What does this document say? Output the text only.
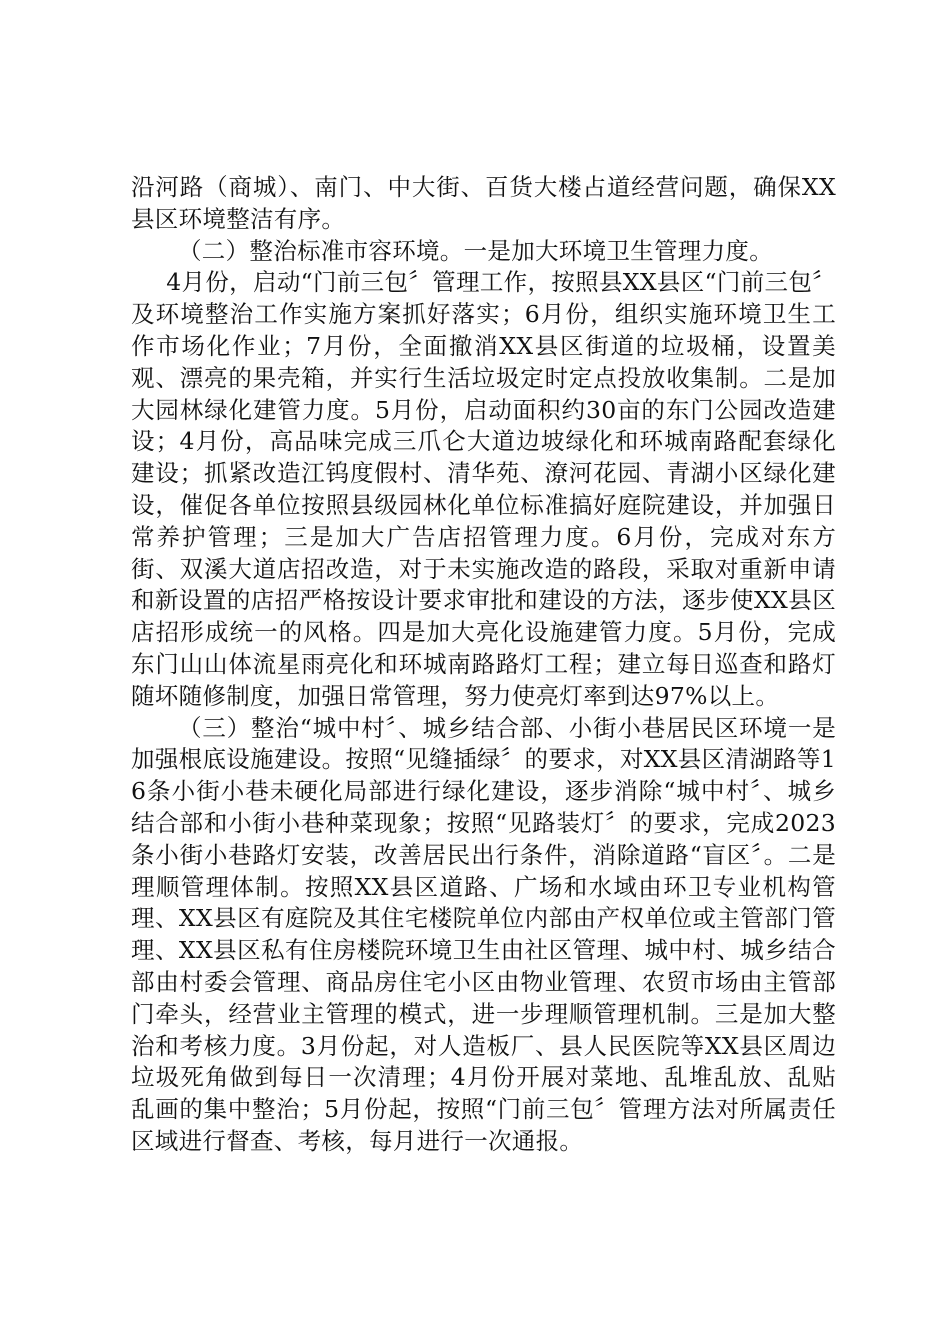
沿河路（商城）、南门、中大街、百货大楼占道经营问题，确保XX县区环境整洁有序。

（二）整治标准市容环境。一是加大环境卫生管理力度。

4月份，启动“门前三包〞管理工作，按照县XX县区“门前三包〞及环境整治工作实施方案抓好落实；6月份，组织实施环境卫生工作市场化作业；7月份，全面撤消XX县区街道的垃圾桶，设置美观、漂亮的果壳箱，并实行生活垃圾定时定点投放收集制。二是加大园林绿化建管力度。5月份，启动面积约30亩的东门公园改造建设；4月份，高品味完成三爪仑大道边坡绿化和环城南路配套绿化建设；抓紧改造江钨度假村、清华苑、潦河花园、青湖小区绿化建设，催促各单位按照县级园林化单位标准搞好庭院建设，并加强日常养护管理；三是加大广告店招管理力度。6月份，完成对东方街、双溪大道店招改造，对于未实施改造的路段，采取对重新申请和新设置的店招严格按设计要求审批和建设的方法，逐步使XX县区店招形成统一的风格。四是加大亮化设施建管力度。5月份，完成东门山山体流星雨亮化和环城南路路灯工程；建立每日巡查和路灯随坏随修制度，加强日常管理，努力使亮灯率到达97%以上。

（三）整治“城中村〞、城乡结合部、小街小巷居民区环境一是加强根底设施建设。按照“见缝插绿〞的要求，对XX县区清湖路等16条小街小巷未硬化局部进行绿化建设，逐步消除“城中村〞、城乡结合部和小街小巷种菜现象；按照“见路装灯〞的要求，完成2023条小街小巷路灯安装，改善居民出行条件，消除道路“盲区〞。二是理顺管理体制。按照XX县区道路、广场和水域由环卫专业机构管理、XX县区有庭院及其住宅楼院单位内部由产权单位或主管部门管理、XX县区私有住房楼院环境卫生由社区管理、城中村、城乡结合部由村委会管理、商品房住宅小区由物业管理、农贸市场由主管部门牵头，经营业主管理的模式，进一步理顺管理机制。三是加大整治和考核力度。3月份起，对人造板厂、县人民医院等XX县区周边垃圾死角做到每日一次清理；4月份开展对菜地、乱堆乱放、乱贴乱画的集中整治；5月份起，按照“门前三包〞管理方法对所属责任区域进行督查、考核，每月进行一次通报。
